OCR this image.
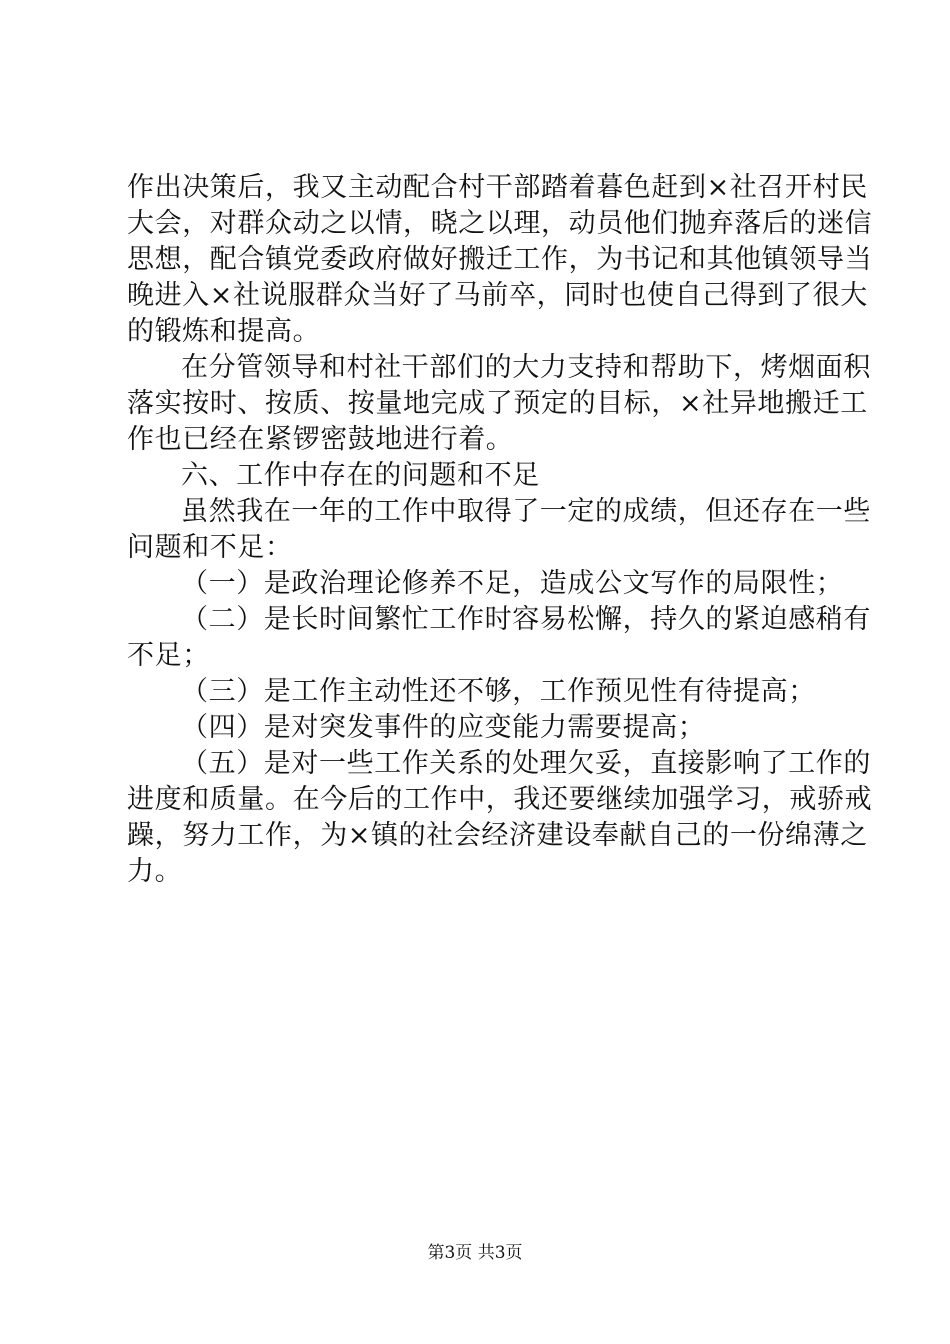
作出决策后，我又主动配合村干部踏着暮色赶到×社召开村民
大会，对群众动之以情，晓之以理，动员他们抛弃落后的迷信
思想，配合镇党委政府做好搬迁工作，为书记和其他镇领导当
晚进入×社说服群众当好了马前卒，同时也使自己得到了很大
的锻炼和提高。
在分管领导和村社干部们的大力支持和帮助下，烤烟面积
落实按时、按质、按量地完成了预定的目标，×社异地搬迁工
作也已经在紧锣密鼓地进行着。
六、工作中存在的问题和不足
虽然我在一年的工作中取得了一定的成绩，但还存在一些
问题和不足：
（一）是政治理论修养不足，造成公文写作的局限性；
（二）是长时间繁忙工作时容易松懈，持久的紧迫感稍有
不足；
（三）是工作主动性还不够，工作预见性有待提高；
（四）是对突发事件的应变能力需要提高；
（五）是对一些工作关系的处理欠妥，直接影响了工作的
进度和质量。在今后的工作中，我还要继续加强学习，戒骄戒
躁，努力工作，为×镇的社会经济建设奉献自己的一份绵薄之
力。
第3页 共3页
